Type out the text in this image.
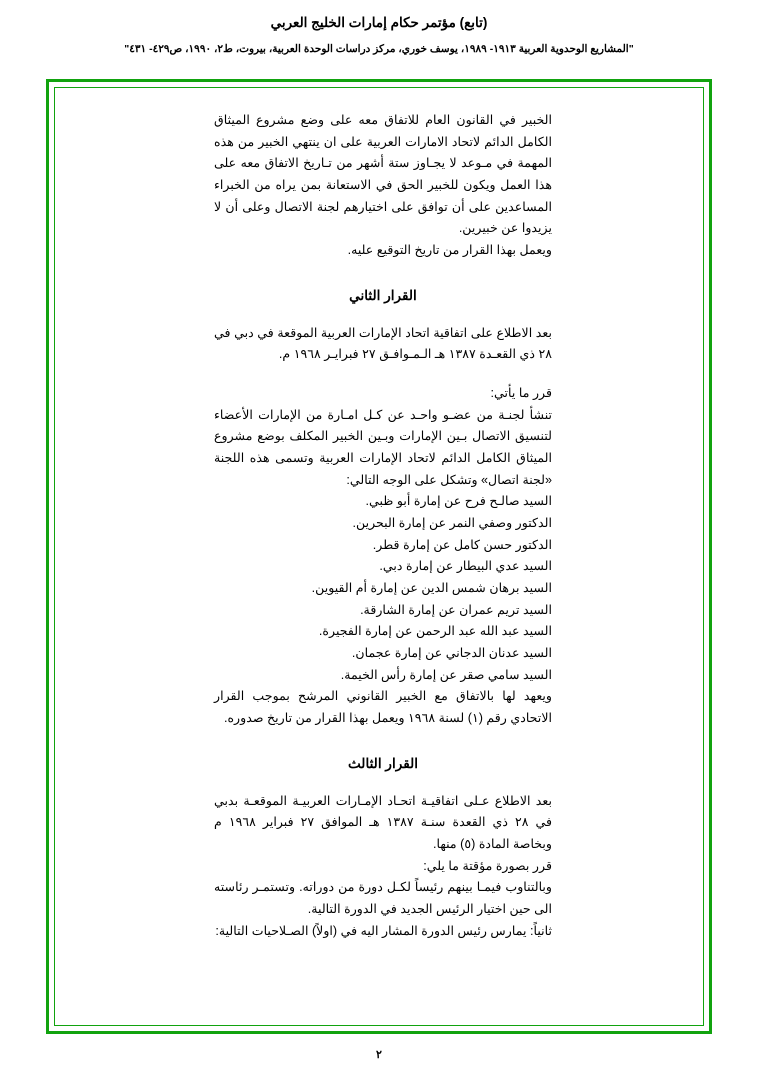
(تابع) مؤتمر حكام إمارات الخليج العربي
"المشاريع الوحدوية العربية ١٩١٣- ١٩٨٩، يوسف خوري، مركز دراسات الوحدة العربية، بيروت، ط٢، ١٩٩٠، ص٤٢٩- ٤٣١"

الخبير في القانون العام للاتفاق معه على وضع مشروع الميثاق الكامل الدائم لاتحاد الامارات العربية على ان ينتهي الخبير من هذه المهمة في مـوعد لا يجـاوز ستة أشهر من تـاريخ الاتفاق معه على هذا العمل ويكون للخبير الحق في الاستعانة بمن يراه من الخبراء المساعدين على أن توافق على اختيارهم لجنة الاتصال وعلى أن لا يزيدوا عن خبيرين.

ويعمل بهذا القرار من تاريخ التوقيع عليه.

القرار الثاني

بعد الاطلاع على اتفاقية اتحاد الإمارات العربية الموقعة في دبي في ٢٨ ذي القعـدة ١٣٨٧ هـ الـمـوافـق ٢٧ فبرايـر ١٩٦٨ م.

قرر ما يأتي:

تنشأ لجنـة من عضـو واحـد عن كـل امـارة من الإمارات الأعضاء لتنسيق الاتصال بـين الإمارات وبـين الخبير المكلف بوضع مشروع الميثاق الكامل الدائم لاتحاد الإمارات العربية وتسمى هذه اللجنة «لجنة اتصال» وتشكل على الوجه التالي:

السيد صالـح فرح عن إمارة أبو ظبي.
الدكتور وصفي النمر عن إمارة البحرين.
الدكتور حسن كامل عن إمارة قطر.
السيد عدي البيطار عن إمارة دبي.
السيد برهان شمس الدين عن إمارة أم القيوين.
السيد تريم عمران عن إمارة الشارقة.
السيد عبد الله عبد الرحمن عن إمارة الفجيرة.
السيد عدنان الدجاني عن إمارة عجمان.
السيد سامي صقر عن إمارة رأس الخيمة.

ويعهد لها بالاتفاق مع الخبير القانوني المرشح بموجب القرار الاتحادي رقم (١) لسنة ١٩٦٨ ويعمل بهذا القرار من تاريخ صدوره.

القرار الثالث

بعد الاطلاع عـلى اتفاقيـة اتحـاد الإمـارات العربيـة الموقعـة بدبي في ٢٨ ذي القعدة سنـة ١٣٨٧ هـ الموافق ٢٧ فبراير ١٩٦٨ م وبخاصة المادة (٥) منها.

قرر بصورة مؤقتة ما يلي:

وبالتناوب فيمـا بينهم رئيساً لكـل دورة من دوراته. وتستمـر رئاسته الى حين اختيار الرئيس الجديد في الدورة التالية.

ثانياً: يمارس رئيس الدورة المشار اليه في (اولاً) الصـلاحيات التالية:

٢
